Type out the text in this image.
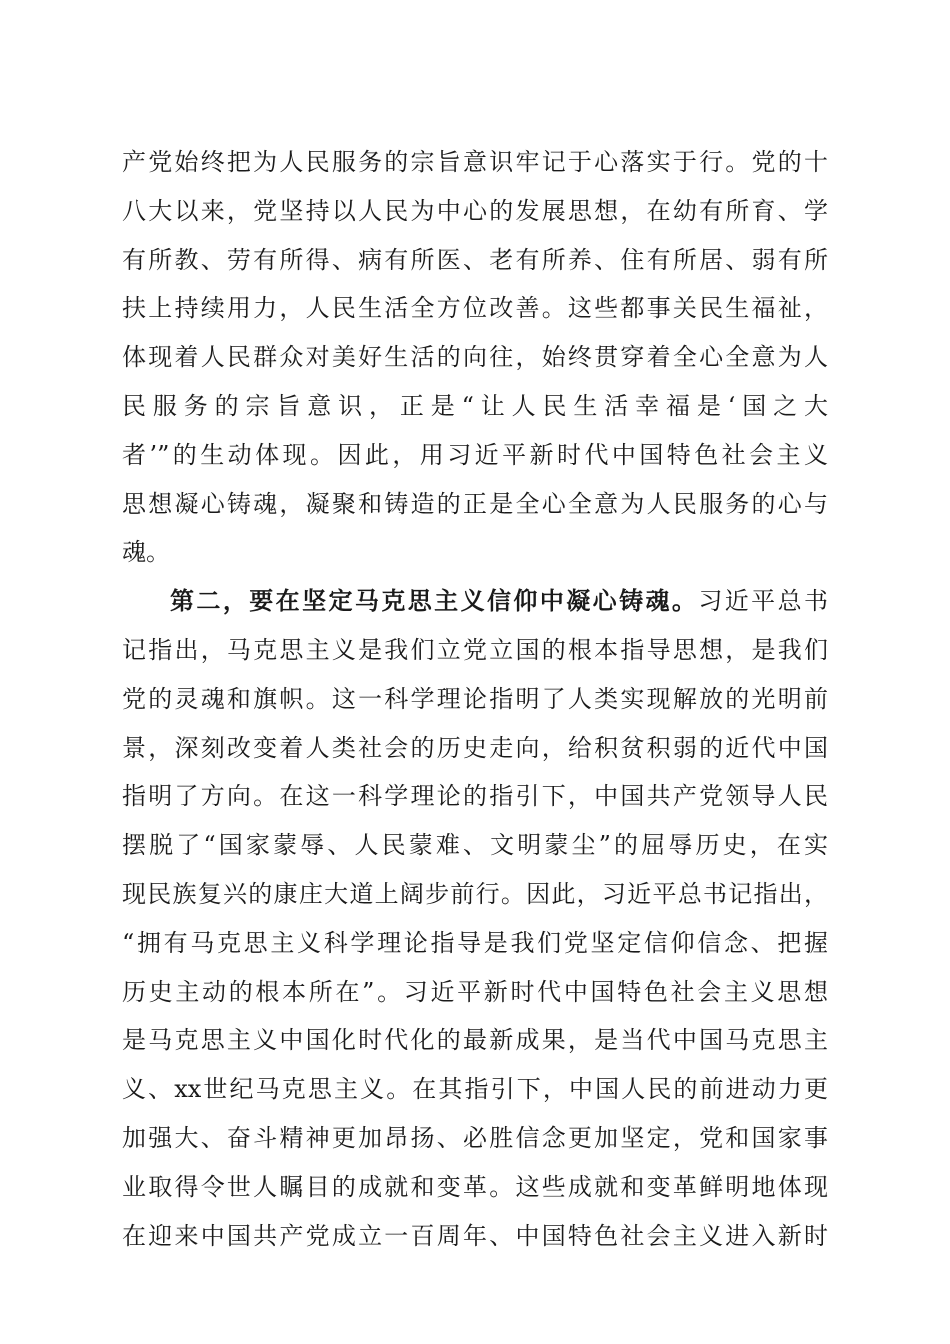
产党始终把为人民服务的宗旨意识牢记于心落实于行。党的十
八大以来，党坚持以人民为中心的发展思想，在幼有所育、学
有所教、劳有所得、病有所医、老有所养、住有所居、弱有所
扶上持续用力，人民生活全方位改善。这些都事关民生福祉，
体现着人民群众对美好生活的向往，始终贯穿着全心全意为人
民服务的宗旨意识，正是“让人民生活幸福是‘国之大
者’”的生动体现。因此，用习近平新时代中国特色社会主义
思想凝心铸魂，凝聚和铸造的正是全心全意为人民服务的心与
魂。
第二，要在坚定马克思主义信仰中凝心铸魂。习近平总书
记指出，马克思主义是我们立党立国的根本指导思想，是我们
党的灵魂和旗帜。这一科学理论指明了人类实现解放的光明前
景，深刻改变着人类社会的历史走向，给积贫积弱的近代中国
指明了方向。在这一科学理论的指引下，中国共产党领导人民
摆脱了“国家蒙辱、人民蒙难、文明蒙尘”的屈辱历史，在实
现民族复兴的康庄大道上阔步前行。因此，习近平总书记指出，
“拥有马克思主义科学理论指导是我们党坚定信仰信念、把握
历史主动的根本所在”。习近平新时代中国特色社会主义思想
是马克思主义中国化时代化的最新成果，是当代中国马克思主
义、xx世纪马克思主义。在其指引下，中国人民的前进动力更
加强大、奋斗精神更加昂扬、必胜信念更加坚定，党和国家事
业取得令世人瞩目的成就和变革。这些成就和变革鲜明地体现
在迎来中国共产党成立一百周年、中国特色社会主义进入新时
